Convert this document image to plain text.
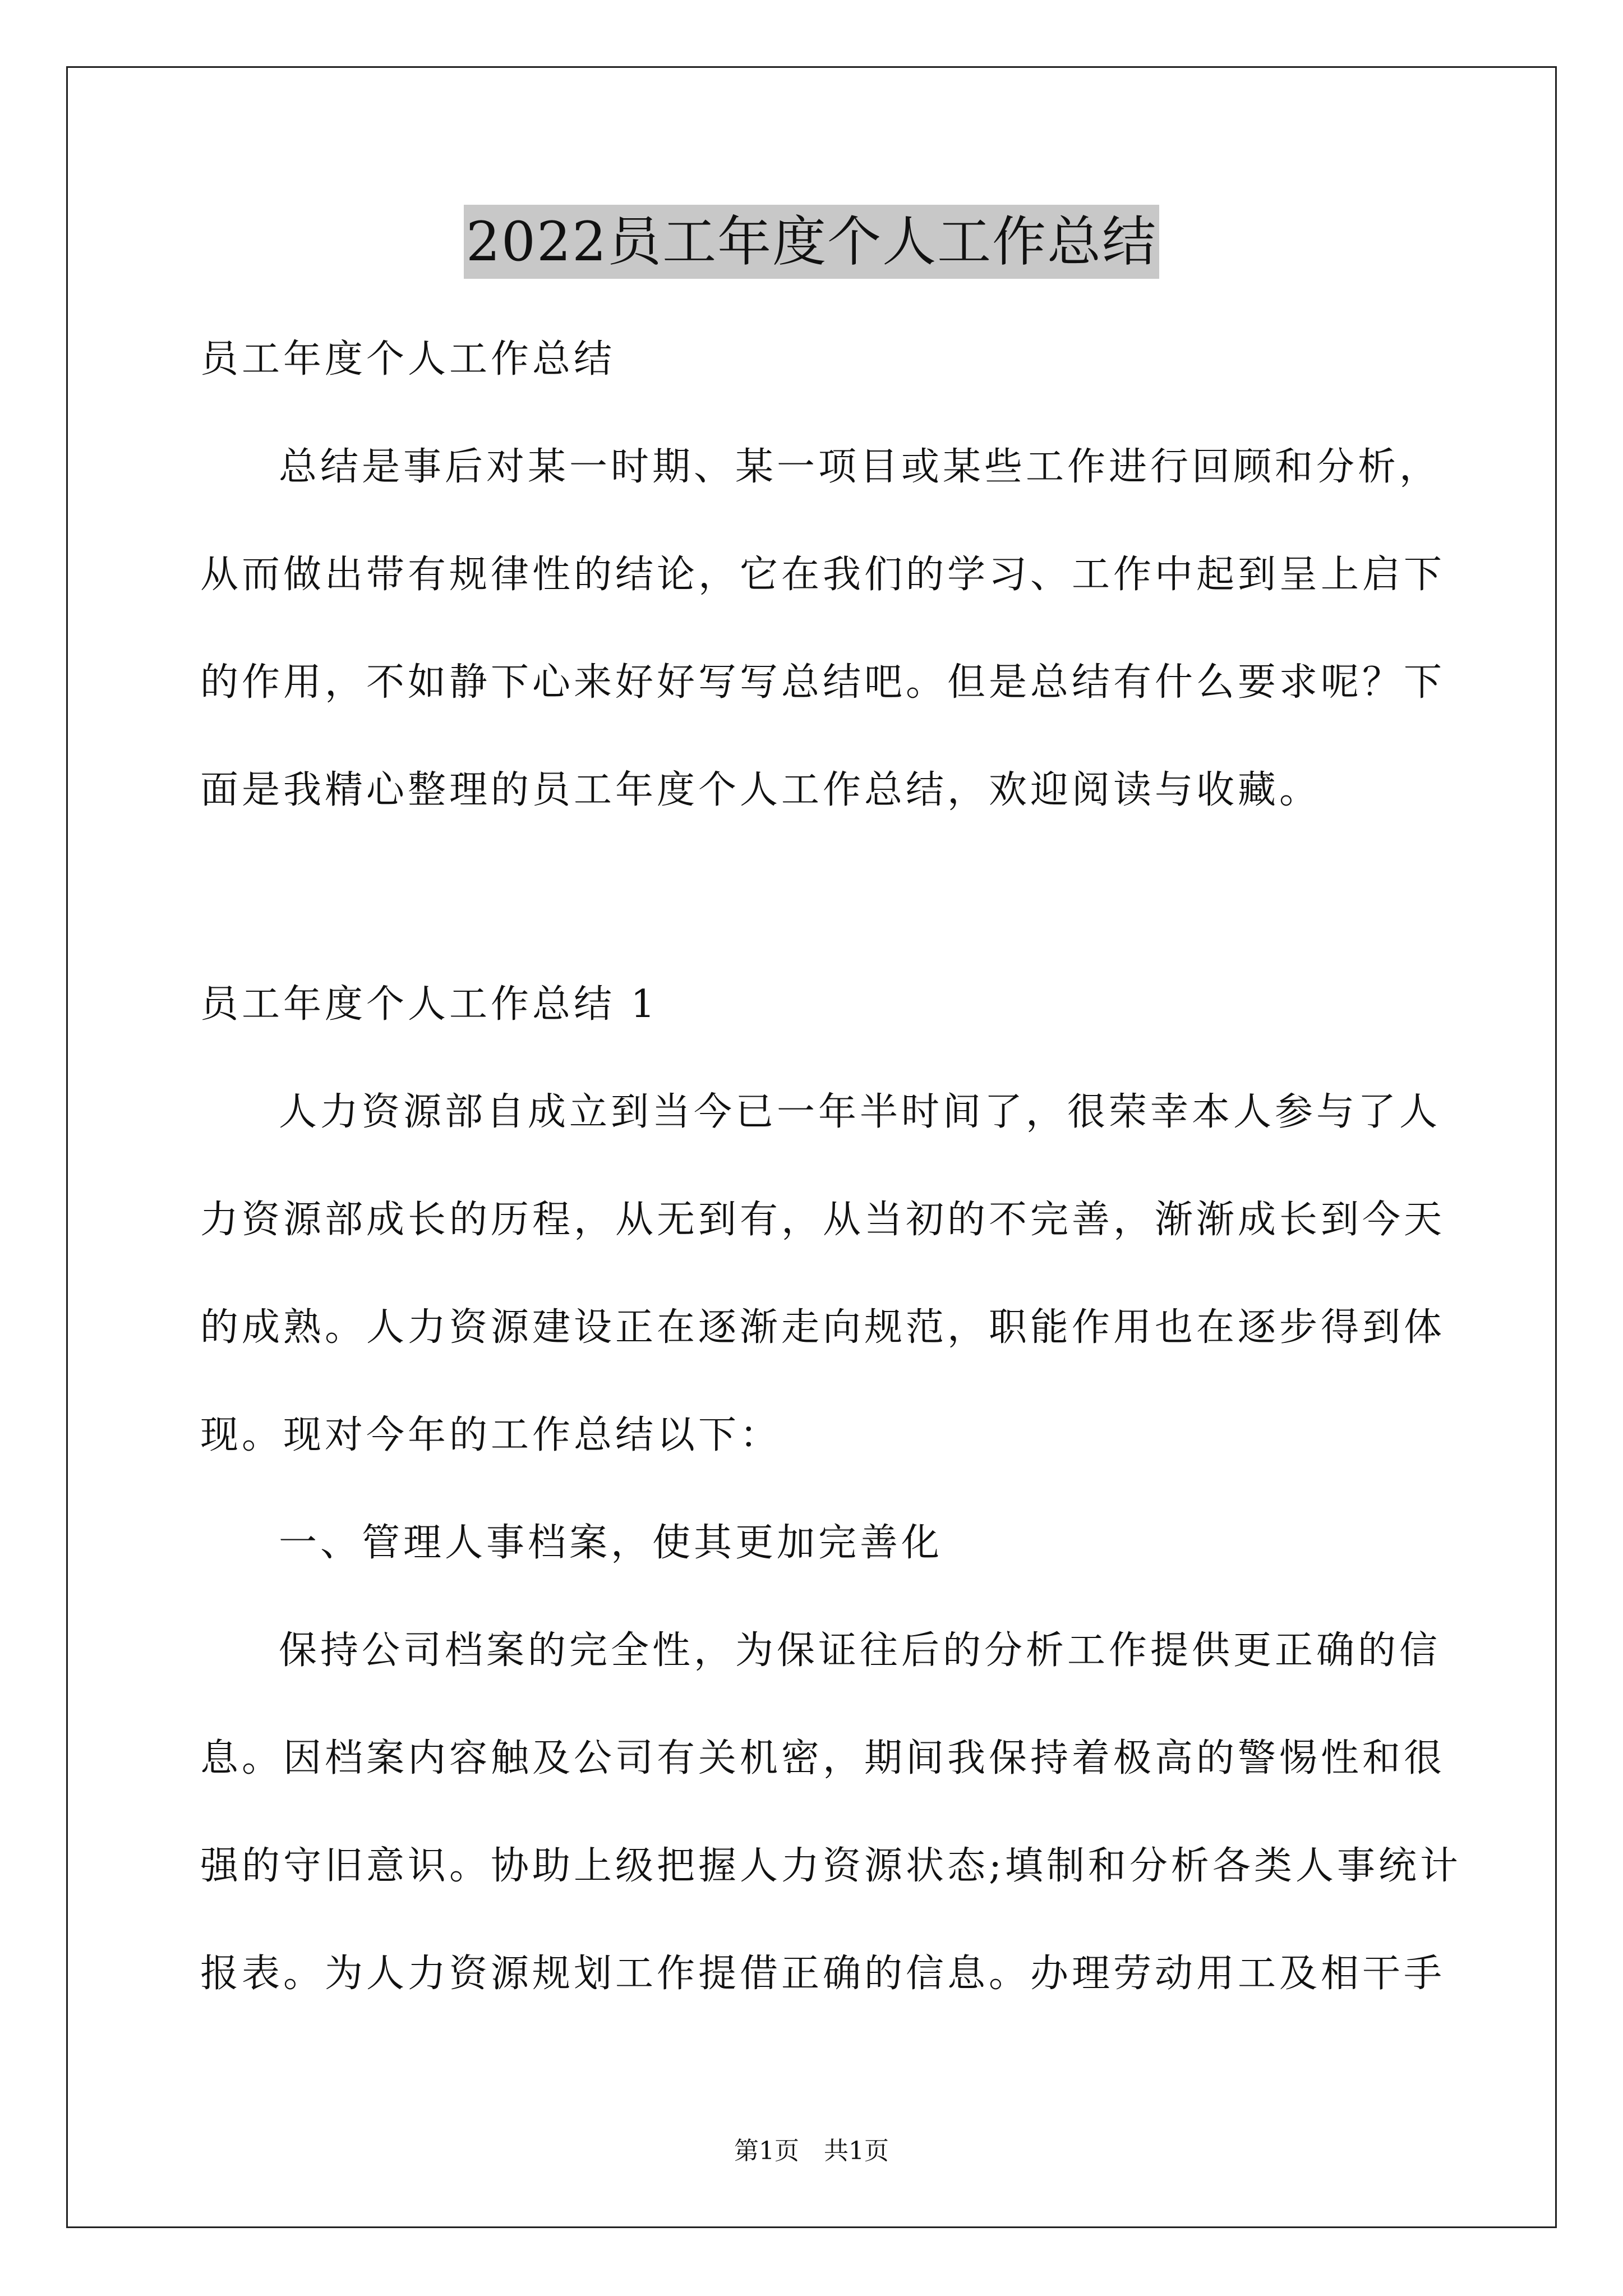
2022员工年度个人工作总结

员工年度个人工作总结

总结是事后对某一时期、某一项目或某些工作进行回顾和分析，

从而做出带有规律性的结论，它在我们的学习、工作中起到呈上启下

的作用，不如静下心来好好写写总结吧。但是总结有什么要求呢？下

面是我精心整理的员工年度个人工作总结，欢迎阅读与收藏。

员工年度个人工作总结 1

人力资源部自成立到当今已一年半时间了，很荣幸本人参与了人

力资源部成长的历程，从无到有，从当初的不完善，渐渐成长到今天

的成熟。人力资源建设正在逐渐走向规范，职能作用也在逐步得到体

现。现对今年的工作总结以下：

一、管理人事档案，使其更加完善化

保持公司档案的完全性，为保证往后的分析工作提供更正确的信

息。因档案内容触及公司有关机密，期间我保持着极高的警惕性和很

强的守旧意识。协助上级把握人力资源状态;填制和分析各类人事统计

报表。为人力资源规划工作提借正确的信息。办理劳动用工及相干手

第1页 共1页
